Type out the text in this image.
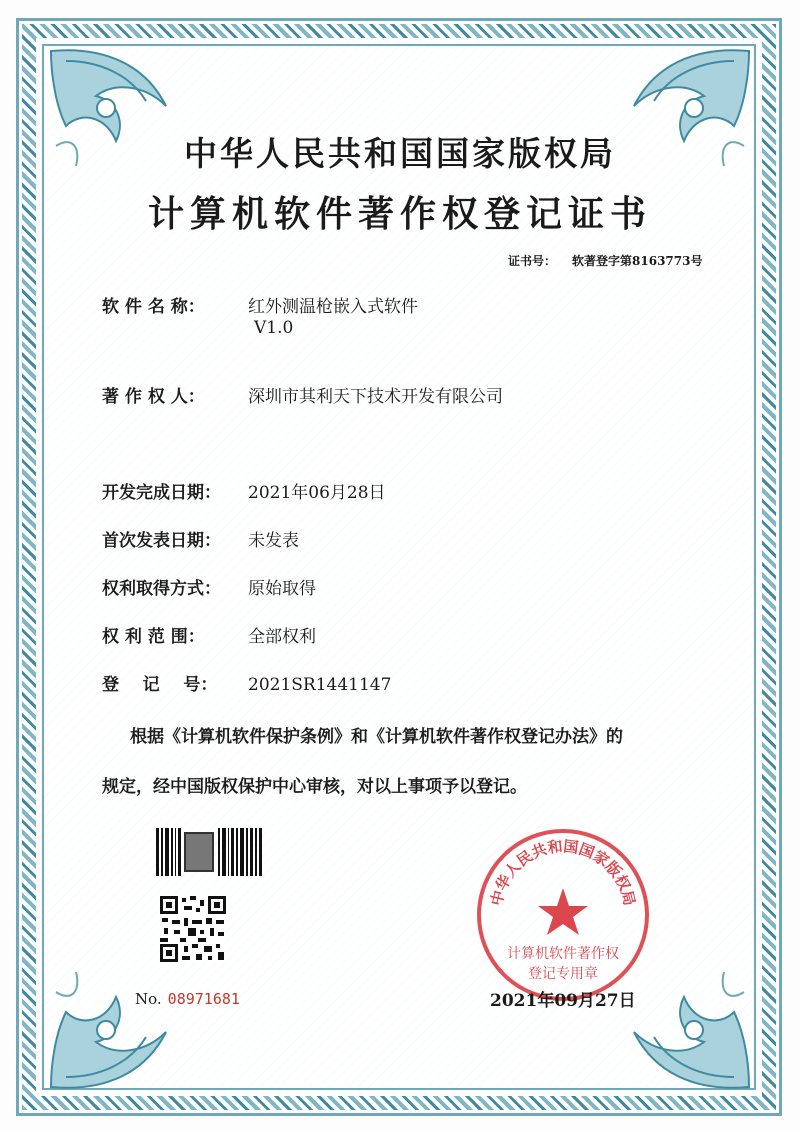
中华人民共和国国家版权局
计算机软件著作权登记证书
证书号： 软著登字第8163773号
软 件 名 称：	红外测温枪嵌入式软件
V1.0
著 作 权 人：	深圳市其利天下技术开发有限公司
开发完成日期： 2021年06月28日
首次发表日期： 未发表
权利取得方式： 原始取得
权 利 范 围：	全部权利
登    记    号： 2021SR1441147
根据《计算机软件保护条例》和《计算机软件著作权登记办法》的
规定，经中国版权保护中心审核，对以上事项予以登记。
No. 08971681
中华人民共和国国家版权局
计算机软件著作权
登记专用章
2021年09月27日
